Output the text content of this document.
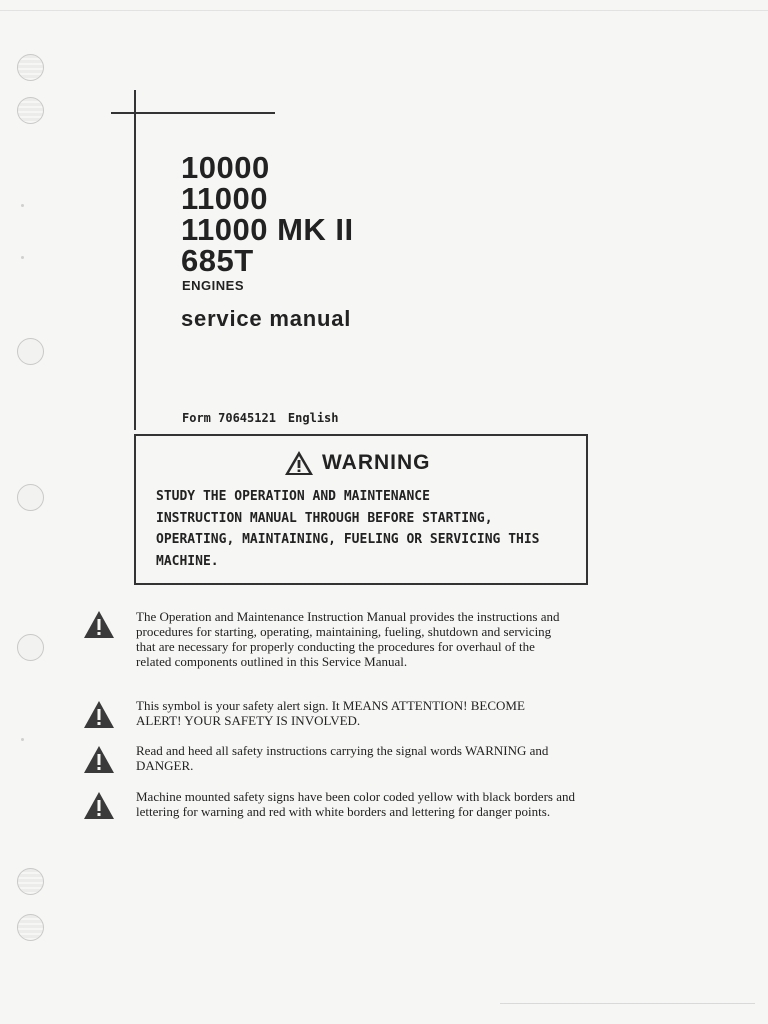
10000
11000
11000 MK II
685T
ENGINES
service manual
Form 70645121 English
WARNING
STUDY THE OPERATION AND MAINTENANCE
INSTRUCTION MANUAL THROUGH BEFORE STARTING,
OPERATING, MAINTAINING, FUELING OR SERVICING THIS
MACHINE.
The Operation and Maintenance Instruction Manual provides the instructions and procedures for starting, operating, maintaining, fueling, shutdown and servicing that are necessary for properly conducting the procedures for overhaul of the related components outlined in this Service Manual.
This symbol is your safety alert sign. It MEANS ATTENTION! BECOME ALERT! YOUR SAFETY IS INVOLVED.
Read and heed all safety instructions carrying the signal words WARNING and DANGER.
Machine mounted safety signs have been color coded yellow with black borders and lettering for warning and red with white borders and lettering for danger points.
